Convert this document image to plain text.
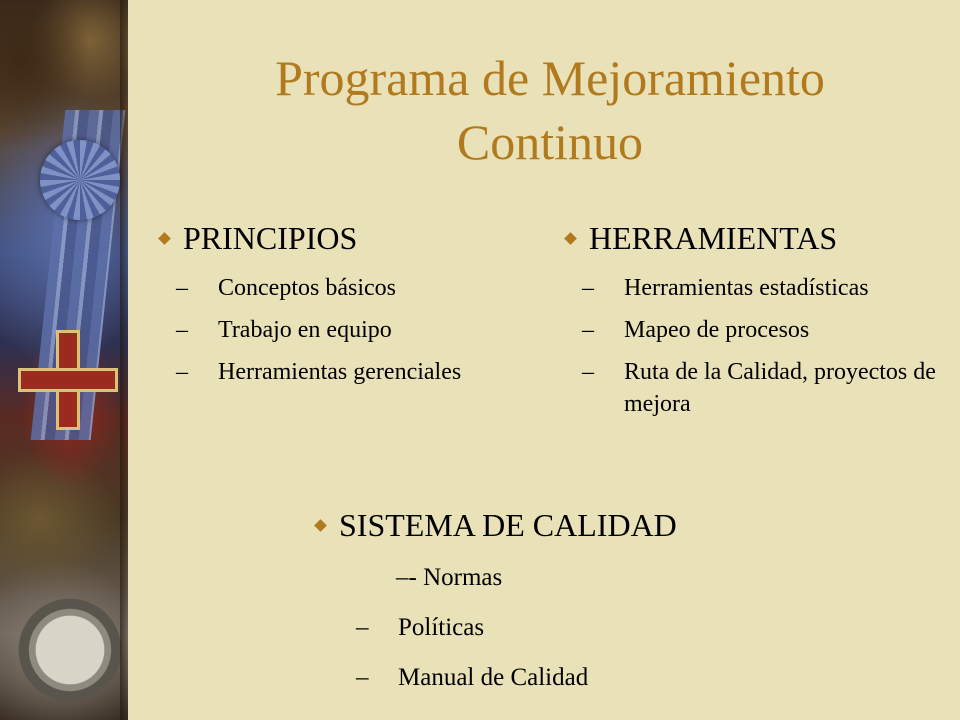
Programa de Mejoramiento
Continuo
PRINCIPIOS
– Conceptos básicos
– Trabajo en equipo
– Herramientas gerenciales
HERRAMIENTAS
– Herramientas estadísticas
– Mapeo de procesos
– Ruta de la Calidad, proyectos de mejora
SISTEMA DE CALIDAD
–- Normas
– Políticas
– Manual de Calidad
